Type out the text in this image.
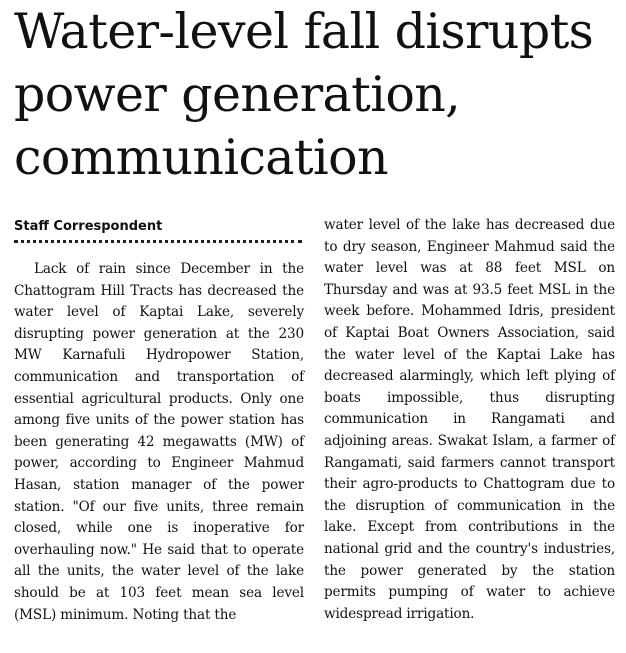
Water-level fall disrupts power generation, communication
Staff Correspondent

Lack of rain since December in the Chattogram Hill Tracts has decreased the water level of Kaptai Lake, severely disrupting power generation at the 230 MW Karnafuli Hydropower Station, communication and transportation of essential agricultural products. Only one among five units of the power station has been generating 42 megawatts (MW) of power, according to Engineer Mahmud Hasan, station manager of the power station. "Of our five units, three remain closed, while one is inoperative for overhauling now." He said that to operate all the units, the water level of the lake should be at 103 feet mean sea level (MSL) minimum. Noting that the

water level of the lake has decreased due to dry season, Engineer Mahmud said the water level was at 88 feet MSL on Thursday and was at 93.5 feet MSL in the week before. Mohammed Idris, president of Kaptai Boat Owners Association, said the water level of the Kaptai Lake has decreased alarmingly, which left plying of boats impossible, thus disrupting communication in Rangamati and adjoining areas. Swakat Islam, a farmer of Rangamati, said farmers cannot transport their agro-products to Chattogram due to the disruption of communication in the lake. Except from contributions in the national grid and the country's industries, the power generated by the station permits pumping of water to achieve widespread irrigation.
